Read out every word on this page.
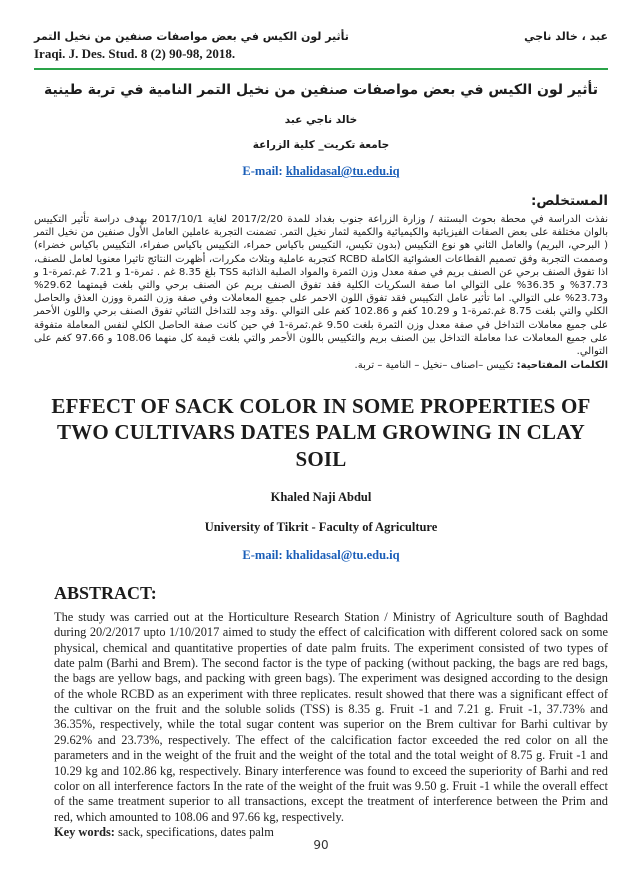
تأثير لون الكيس في بعض مواصفات صنفين من نخيل التمر	عبد ، خالد ناجي
Iraqi. J. Des. Stud. 8 (2) 90-98, 2018.
تأثير لون الكيس في بعض مواصفات صنفين من نخيل التمر النامية في تربة طينية
خالد ناجي عبد
جامعة تكريت_ كلية الزراعة
E-mail: khalidasal@tu.edu.iq
المستخلص:
نفذت الدراسة في محطة بحوث البستنة / وزارة الزراعة جنوب بغداد للمدة 2017/2/20 لغاية 2017/10/1 بهدف دراسة تأثير التكييس بالوان مختلفة على بعض الصفات الفيزيائية والكيميائية والكمية لثمار نخيل التمر. تضمنت التجربة عاملين العامل الأول صنفين من نخيل التمر ( البرحي، البريم) والعامل الثاني هو نوع التكييس (بدون تكيس، التكييس باكياس حمراء، التكييس باكياس صفراء، التكييس باكياس خضراء) وصممت التجربة وفق تصميم القطاعات العشوائية الكاملة RCBD كتجربة عاملية وبثلاث مكررات، أظهرت النتائج تاثيرا معنويا لعامل للصنف، اذا تفوق الصنف برحي عن الصنف بريم في صفة معدل وزن الثمرة والمواد الصلبة الذائبة TSS بلغ 8.35 غم . ثمرة-1 و 7.21 غم.ثمرة-1 و 37.73% و 36.35% على التوالي اما صفة السكريات الكلية فقد تفوق الصنف بريم عن الصنف برحي والتي بلغت قيمتهما 29.62% و23.73% على التوالي. اما تأثير عامل التكييس فقد تفوق اللون الاحمر على جميع المعاملات وفي صفة وزن الثمرة ووزن العذق والحاصل الكلي والتي بلغت 8.75 غم.ثمرة-1 و 10.29 كغم و 102.86 كغم على التوالي .وقد وجد للتداخل الثنائي تفوق الصنف برحي واللون الأحمر على جميع معاملات التداخل في صفة معدل وزن الثمرة بلغت 9.50 غم.ثمرة-1 في حين كانت صفة الحاصل الكلي لنفس المعاملة متفوقة على جميع المعاملات عدا معاملة التداخل بين الصنف بريم والتكييس باللون الأحمر والتي بلغت قيمة كل منهما 108.06 و 97.66 كغم على التوالي.
الكلمات المفتاحية: تكييس –اصناف –نخيل – النامية – تربة.
EFFECT OF SACK COLOR IN SOME PROPERTIES OF TWO CULTIVARS DATES PALM GROWING IN CLAY SOIL
Khaled Naji Abdul
University of Tikrit - Faculty of Agriculture
E-mail: khalidasal@tu.edu.iq
ABSTRACT:
The study was carried out at the Horticulture Research Station / Ministry of Agriculture south of Baghdad during 20/2/2017 upto 1/10/2017 aimed to study the effect of calcification with different colored sack on some physical, chemical and quantitative properties of date palm fruits. The experiment consisted of two types of date palm (Barhi and Brem). The second factor is the type of packing (without packing, the bags are red bags, the bags are yellow bags, and packing with green bags). The experiment was designed according to the design of the whole RCBD as an experiment with three replicates. result showed that there was a significant effect of the cultivar on the fruit and the soluble solids (TSS) is 8.35 g. Fruit -1 and 7.21 g. Fruit -1, 37.73% and 36.35%, respectively, while the total sugar content was superior on the Brem cultivar for Barhi cultivar by 29.62% and 23.73%, respectively. The effect of the calcification factor exceeded the red color on all the parameters and in the weight of the fruit and the weight of the total and the total weight of 8.75 g. Fruit -1 and 10.29 kg and 102.86 kg, respectively. Binary interference was found to exceed the superiority of Barhi and red color on all interference factors In the rate of the weight of the fruit was 9.50 g. Fruit -1 while the overall effect of the same treatment superior to all transactions, except the treatment of interference between the Prim and red, which amounted to 108.06 and 97.66 kg, respectively.
Key words: sack, specifications, dates palm
90
